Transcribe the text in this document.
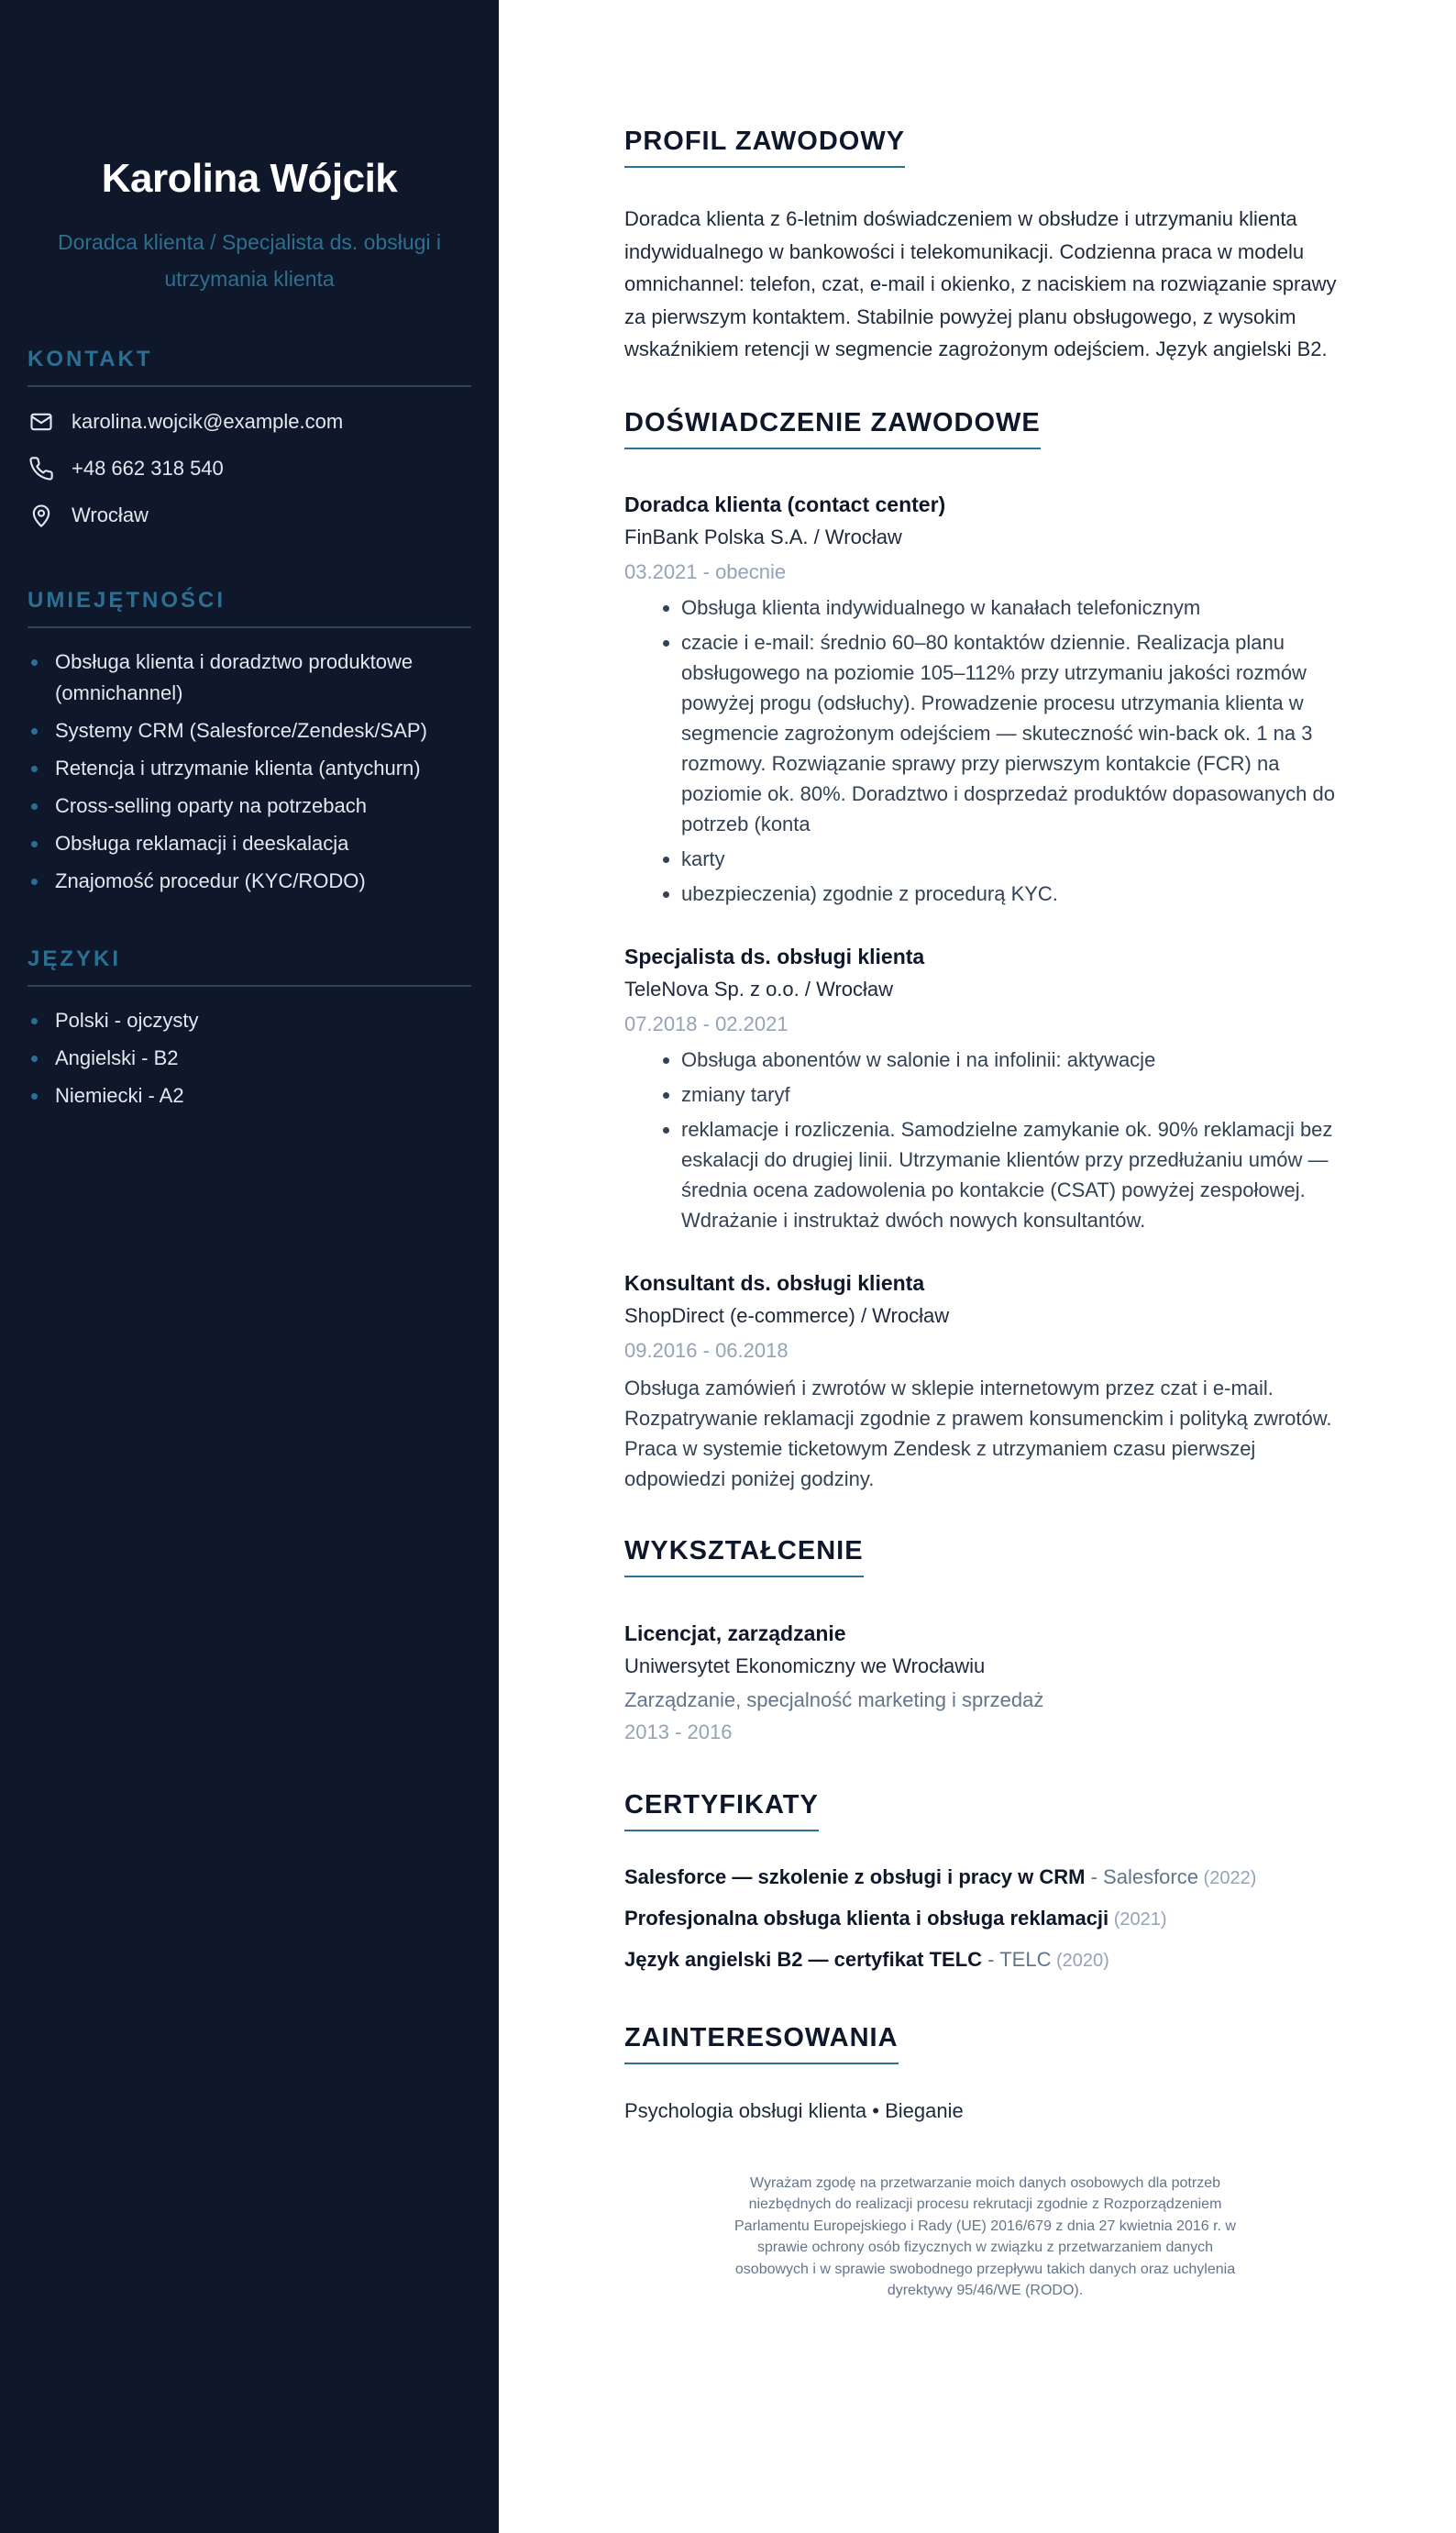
Karolina Wójcik

Doradca klienta / Specjalista ds. obsługi i utrzymania klienta

KONTAKT
karolina.wojcik@example.com
+48 662 318 540
Wrocław
UMIEJĘTNOŚCI
Obsługa klienta i doradztwo produktowe (omnichannel)
Systemy CRM (Salesforce/Zendesk/SAP)
Retencja i utrzymanie klienta (antychurn)
Cross-selling oparty na potrzebach
Obsługa reklamacji i deeskalacja
Znajomość procedur (KYC/RODO)
JĘZYKI
Polski - ojczysty
Angielski - B2
Niemiecki - A2
PROFIL ZAWODOWY

Doradca klienta z 6-letnim doświadczeniem w obsłudze i utrzymaniu klienta indywidualnego w bankowości i telekomunikacji. Codzienna praca w modelu omnichannel: telefon, czat, e-mail i okienko, z naciskiem na rozwiązanie sprawy za pierwszym kontaktem. Stabilnie powyżej planu obsługowego, z wysokim wskaźnikiem retencji w segmencie zagrożonym odejściem. Język angielski B2.

DOŚWIADCZENIE ZAWODOWE
Doradca klienta (contact center)
FinBank Polska S.A. / Wrocław
03.2021 - obecnie
• Obsługa klienta indywidualnego w kanałach telefonicznym
• czacie i e-mail: średnio 60–80 kontaktów dziennie. Realizacja planu obsługowego na poziomie 105–112% przy utrzymaniu jakości rozmów powyżej progu (odsłuchy). Prowadzenie procesu utrzymania klienta w segmencie zagrożonym odejściem — skuteczność win-back ok. 1 na 3 rozmowy. Rozwiązanie sprawy przy pierwszym kontakcie (FCR) na poziomie ok. 80%. Doradztwo i dosprzedaż produktów dopasowanych do potrzeb (konta
• karty
• ubezpieczenia) zgodnie z procedurą KYC.
Specjalista ds. obsługi klienta
TeleNova Sp. z o.o. / Wrocław
07.2018 - 02.2021
• Obsługa abonentów w salonie i na infolinii: aktywacje
• zmiany taryf
• reklamacje i rozliczenia. Samodzielne zamykanie ok. 90% reklamacji bez eskalacji do drugiej linii. Utrzymanie klientów przy przedłużaniu umów — średnia ocena zadowolenia po kontakcie (CSAT) powyżej zespołowej. Wdrażanie i instruktaż dwóch nowych konsultantów.
Konsultant ds. obsługi klienta
ShopDirect (e-commerce) / Wrocław
09.2016 - 06.2018

Obsługa zamówień i zwrotów w sklepie internetowym przez czat i e-mail. Rozpatrywanie reklamacji zgodnie z prawem konsumenckim i polityką zwrotów. Praca w systemie ticketowym Zendesk z utrzymaniem czasu pierwszej odpowiedzi poniżej godziny.

WYKSZTAŁCENIE
Licencjat, zarządzanie
Uniwersytet Ekonomiczny we Wrocławiu
Zarządzanie, specjalność marketing i sprzedaż
2013 - 2016
CERTYFIKATY
Salesforce — szkolenie z obsługi i pracy w CRM - Salesforce (2022)
Profesjonalna obsługa klienta i obsługa reklamacji (2021)
Język angielski B2 — certyfikat TELC - TELC (2020)
ZAINTERESOWANIA

Psychologia obsługi klienta • Bieganie

Wyrażam zgodę na przetwarzanie moich danych osobowych dla potrzeb niezbędnych do realizacji procesu rekrutacji zgodnie z Rozporządzeniem Parlamentu Europejskiego i Rady (UE) 2016/679 z dnia 27 kwietnia 2016 r. w sprawie ochrony osób fizycznych w związku z przetwarzaniem danych osobowych i w sprawie swobodnego przepływu takich danych oraz uchylenia dyrektywy 95/46/WE (RODO).
